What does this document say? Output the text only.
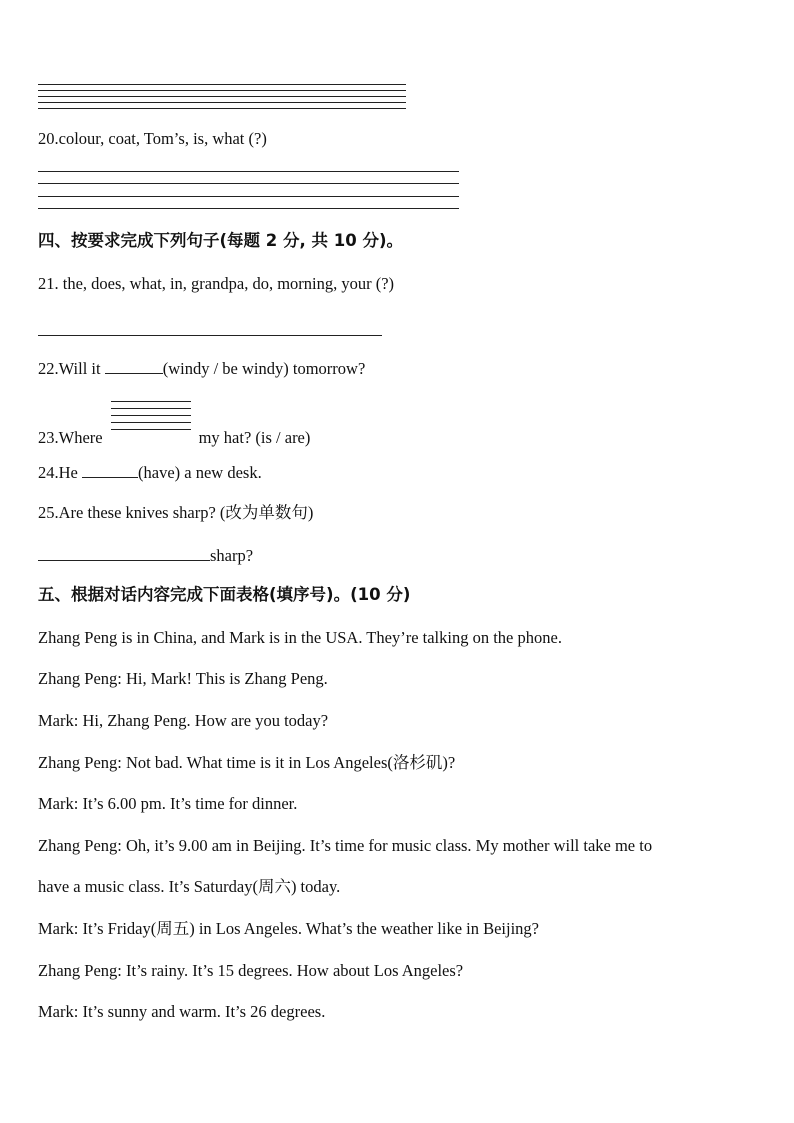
20.colour, coat, Tom’s, is, what (?)
四、按要求完成下列句子(每题 2 分, 共 10 分)。
21. the, does, what, in, grandpa, do, morning, your (?)
22.Will it	(windy / be windy) tomorrow?
23.Where	my hat? (is / are)
24.He	(have) a new desk.
25.Are these knives sharp? (改为单数句)
sharp?
五、根据对话内容完成下面表格(填序号)。(10 分)
Zhang Peng is in China, and Mark is in the USA. They’re talking on the phone.
Zhang Peng: Hi, Mark! This is Zhang Peng.
Mark: Hi, Zhang Peng. How are you today?
Zhang Peng: Not bad. What time is it in Los Angeles(洛杉矶)?
Mark: It’s 6.00 pm. It’s time for dinner.
Zhang Peng: Oh, it’s 9.00 am in Beijing. It’s time for music class. My mother will take me to
have a music class. It’s Saturday(周六) today.
Mark: It’s Friday(周五) in Los Angeles. What’s the weather like in Beijing?
Zhang Peng: It’s rainy. It’s 15 degrees. How about Los Angeles?
Mark: It’s sunny and warm. It’s 26 degrees.
